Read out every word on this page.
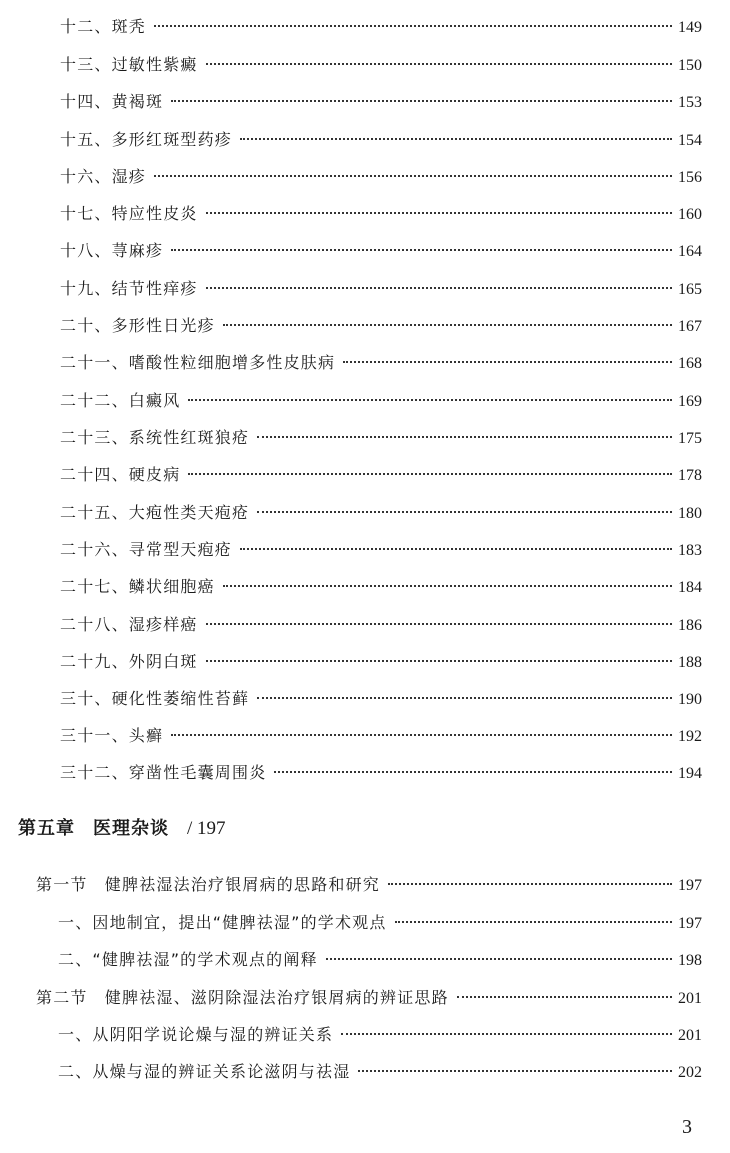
十二、斑秃	149
十三、过敏性紫癜	150
十四、黄褐斑	153
十五、多形红斑型药疹	154
十六、湿疹	156
十七、特应性皮炎	160
十八、荨麻疹	164
十九、结节性痒疹	165
二十、多形性日光疹	167
二十一、嗜酸性粒细胞增多性皮肤病	168
二十二、白癜风	169
二十三、系统性红斑狼疮	175
二十四、硬皮病	178
二十五、大疱性类天疱疮	180
二十六、寻常型天疱疮	183
二十七、鳞状细胞癌	184
二十八、湿疹样癌	186
二十九、外阴白斑	188
三十、硬化性萎缩性苔藓	190
三十一、头癣	192
三十二、穿凿性毛囊周围炎	194
第五章 医理杂谈 / 197
第一节　健脾祛湿法治疗银屑病的思路和研究	197
一、因地制宜，提出“健脾祛湿”的学术观点	197
二、“健脾祛湿”的学术观点的阐释	198
第二节　健脾祛湿、滋阴除湿法治疗银屑病的辨证思路	201
一、从阴阳学说论燥与湿的辨证关系	201
二、从燥与湿的辨证关系论滋阴与祛湿	202
3
